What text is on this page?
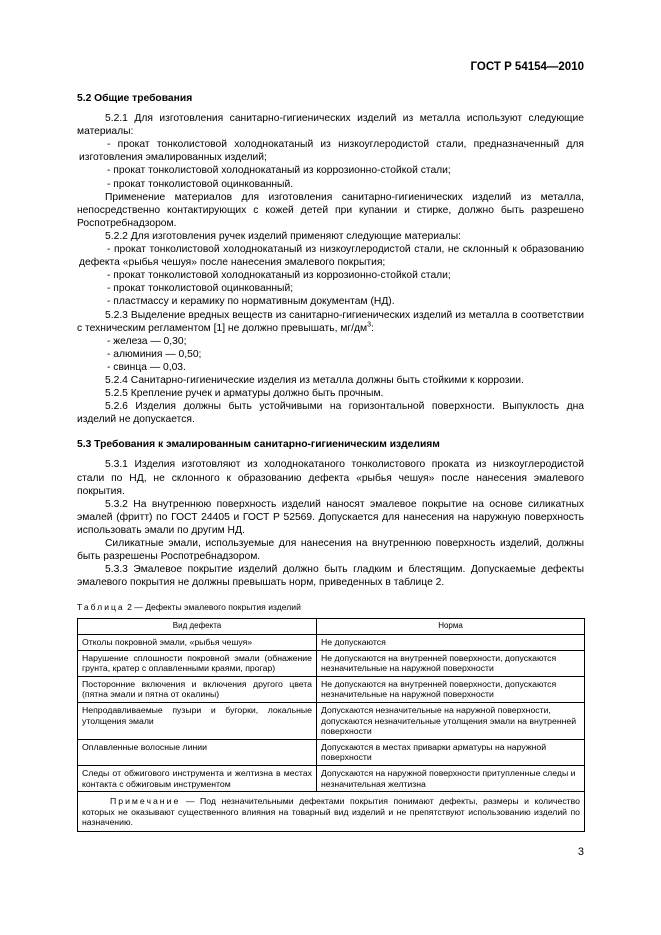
ГОСТ Р 54154—2010

5.2 Общие требования

5.2.1 Для изготовления санитарно-гигиенических изделий из металла используют следующие материалы:

- прокат тонколистовой холоднокатаный из низкоуглеродистой стали, предназначенный для изготовления эмалированных изделий;
- прокат тонколистовой холоднокатаный из коррозионно-стойкой стали;
- прокат тонколистовой оцинкованный.

Применение материалов для изготовления санитарно-гигиенических изделий из металла, непосредственно контактирующих с кожей детей при купании и стирке, должно быть разрешено Роспотребнадзором.

5.2.2 Для изготовления ручек изделий применяют следующие материалы:

- прокат тонколистовой холоднокатаный из низкоуглеродистой стали, не склонный к образованию дефекта «рыбья чешуя» после нанесения эмалевого покрытия;
- прокат тонколистовой холоднокатаный из коррозионно-стойкой стали;
- прокат тонколистовой оцинкованный;
- пластмассу и керамику по нормативным документам (НД).

5.2.3 Выделение вредных веществ из санитарно-гигиенических изделий из металла в соответствии с техническим регламентом [1] не должно превышать, $мг/дм^3$:

- железа — 0,30;
- алюминия — 0,50;
- свинца — 0,03.

5.2.4 Санитарно-гигиенические изделия из металла должны быть стойкими к коррозии.

5.2.5 Крепление ручек и арматуры должно быть прочным.

5.2.6 Изделия должны быть устойчивыми на горизонтальной поверхности. Выпуклость дна изделий не допускается.

5.3 Требования к эмалированным санитарно-гигиеническим изделиям

5.3.1 Изделия изготовляют из холоднокатаного тонколистового проката из низкоуглеродистой стали по НД, не склонного к образованию дефекта «рыбья чешуя» после нанесения эмалевого покрытия.

5.3.2 На внутреннюю поверхность изделий наносят эмалевое покрытие на основе силикатных эмалей (фритт) по ГОСТ 24405 и ГОСТ Р 52569. Допускается для нанесения на наружную поверхность использовать эмали по другим НД.

Силикатные эмали, используемые для нанесения на внутреннюю поверхность изделий, должны быть разрешены Роспотребнадзором.

5.3.3 Эмалевое покрытие изделий должно быть гладким и блестящим. Допускаемые дефекты эмалевого покрытия не должны превышать норм, приведенных в таблице 2.

Таблица 2 — Дефекты эмалевого покрытия изделий
Вид дефекта	Норма
Отколы покровной эмали, «рыбья чешуя»	Не допускаются
Нарушение сплошности покровной эмали (обнажение грунта, кратер с оплавленными краями, прогар)	Не допускаются на внутренней поверхности, допускаются незначительные на наружной поверхности
Посторонние включения и включения другого цвета (пятна эмали и пятна от окалины)	Не допускаются на внутренней поверхности, допускаются незначительные на наружной поверхности
Непродавливаемые пузыри и бугорки, локальные утолщения эмали	Допускаются незначительные на наружной поверхности, допускаются незначительные утолщения эмали на внутренней поверхности
Оплавленные волосные линии	Допускаются в местах приварки арматуры на наружной поверхности
Следы от обжигового инструмента и желтизна в местах контакта с обжиговым инструментом	Допускаются на наружной поверхности притупленные следы и незначительная желтизна
Примечание — Под незначительными дефектами покрытия понимают дефекты, размеры и количество которых не оказывают существенного влияния на товарный вид изделий и не препятствуют использованию изделий по назначению.	
3
